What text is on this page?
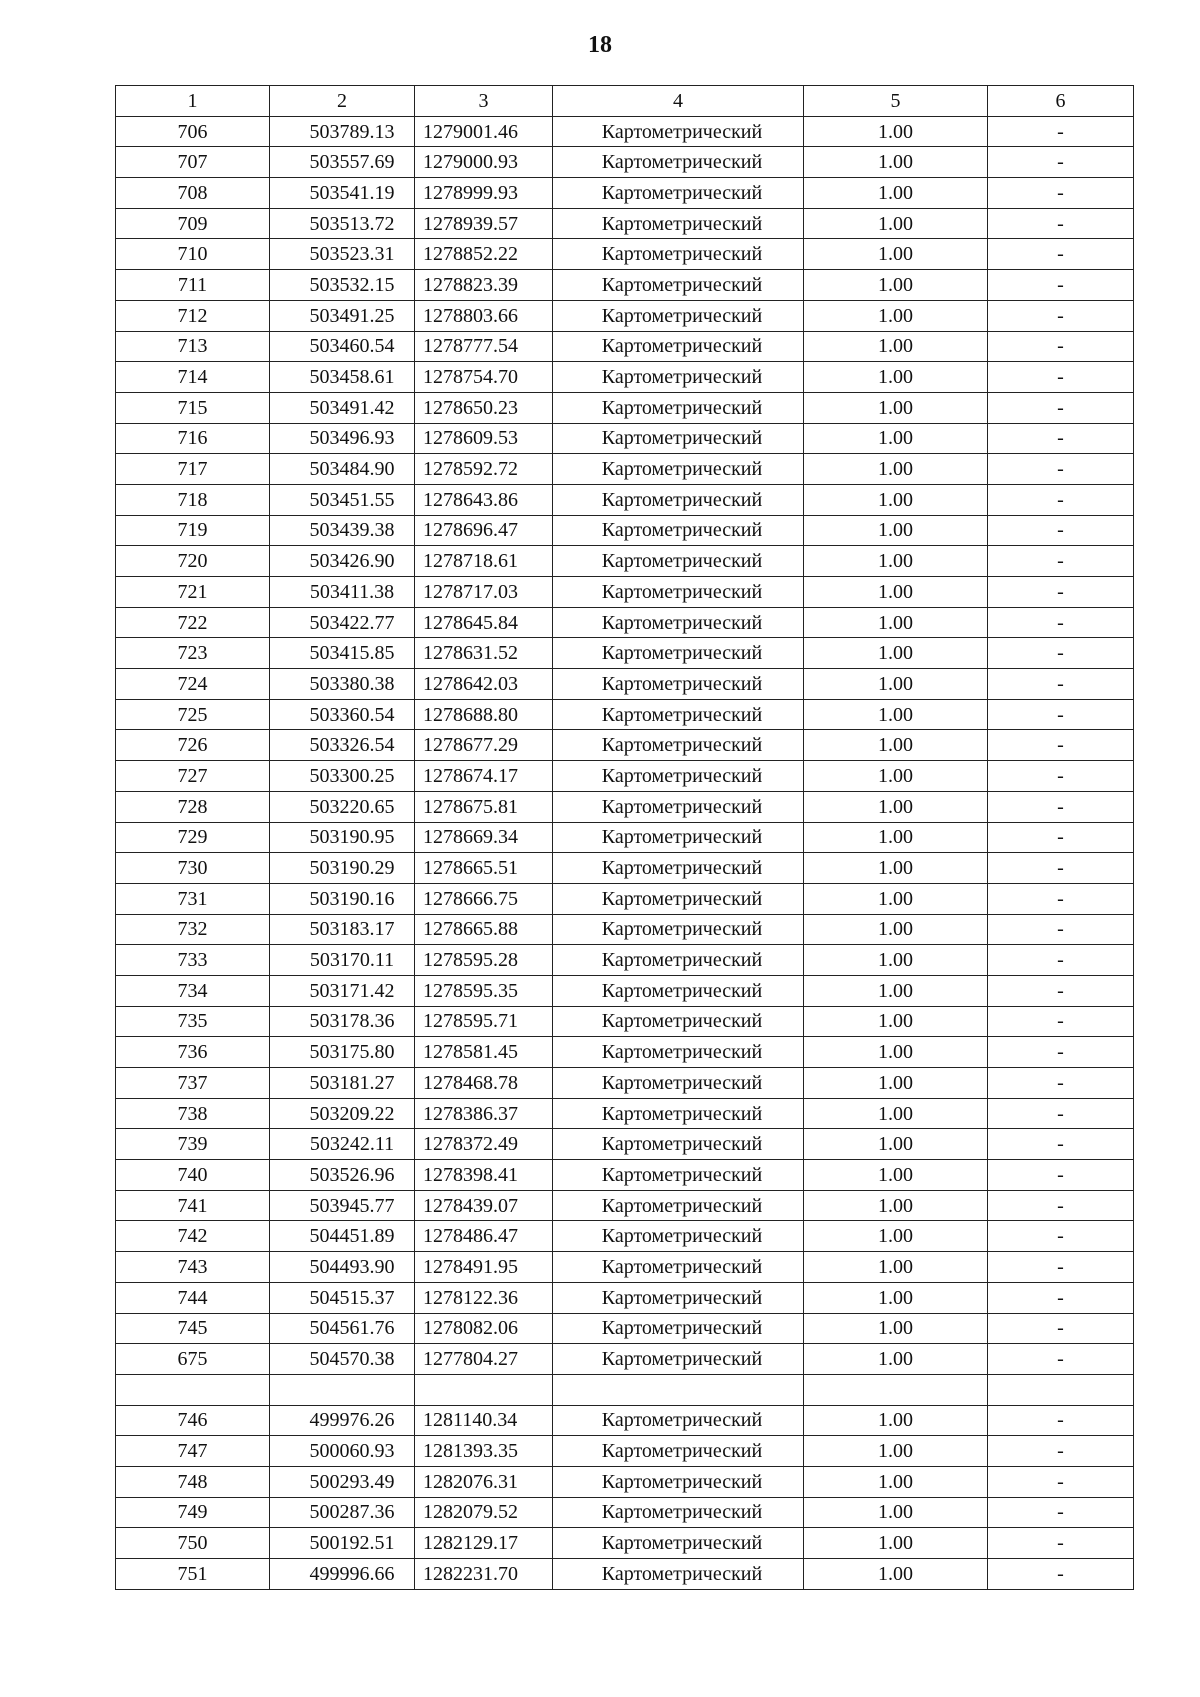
18
1	2	3	4	5	6
706	503789.13	1279001.46	Картометрический	1.00	-
707	503557.69	1279000.93	Картометрический	1.00	-
708	503541.19	1278999.93	Картометрический	1.00	-
709	503513.72	1278939.57	Картометрический	1.00	-
710	503523.31	1278852.22	Картометрический	1.00	-
711	503532.15	1278823.39	Картометрический	1.00	-
712	503491.25	1278803.66	Картометрический	1.00	-
713	503460.54	1278777.54	Картометрический	1.00	-
714	503458.61	1278754.70	Картометрический	1.00	-
715	503491.42	1278650.23	Картометрический	1.00	-
716	503496.93	1278609.53	Картометрический	1.00	-
717	503484.90	1278592.72	Картометрический	1.00	-
718	503451.55	1278643.86	Картометрический	1.00	-
719	503439.38	1278696.47	Картометрический	1.00	-
720	503426.90	1278718.61	Картометрический	1.00	-
721	503411.38	1278717.03	Картометрический	1.00	-
722	503422.77	1278645.84	Картометрический	1.00	-
723	503415.85	1278631.52	Картометрический	1.00	-
724	503380.38	1278642.03	Картометрический	1.00	-
725	503360.54	1278688.80	Картометрический	1.00	-
726	503326.54	1278677.29	Картометрический	1.00	-
727	503300.25	1278674.17	Картометрический	1.00	-
728	503220.65	1278675.81	Картометрический	1.00	-
729	503190.95	1278669.34	Картометрический	1.00	-
730	503190.29	1278665.51	Картометрический	1.00	-
731	503190.16	1278666.75	Картометрический	1.00	-
732	503183.17	1278665.88	Картометрический	1.00	-
733	503170.11	1278595.28	Картометрический	1.00	-
734	503171.42	1278595.35	Картометрический	1.00	-
735	503178.36	1278595.71	Картометрический	1.00	-
736	503175.80	1278581.45	Картометрический	1.00	-
737	503181.27	1278468.78	Картометрический	1.00	-
738	503209.22	1278386.37	Картометрический	1.00	-
739	503242.11	1278372.49	Картометрический	1.00	-
740	503526.96	1278398.41	Картометрический	1.00	-
741	503945.77	1278439.07	Картометрический	1.00	-
742	504451.89	1278486.47	Картометрический	1.00	-
743	504493.90	1278491.95	Картометрический	1.00	-
744	504515.37	1278122.36	Картометрический	1.00	-
745	504561.76	1278082.06	Картометрический	1.00	-
675	504570.38	1277804.27	Картометрический	1.00	-

746	499976.26	1281140.34	Картометрический	1.00	-
747	500060.93	1281393.35	Картометрический	1.00	-
748	500293.49	1282076.31	Картометрический	1.00	-
749	500287.36	1282079.52	Картометрический	1.00	-
750	500192.51	1282129.17	Картометрический	1.00	-
751	499996.66	1282231.70	Картометрический	1.00	-
